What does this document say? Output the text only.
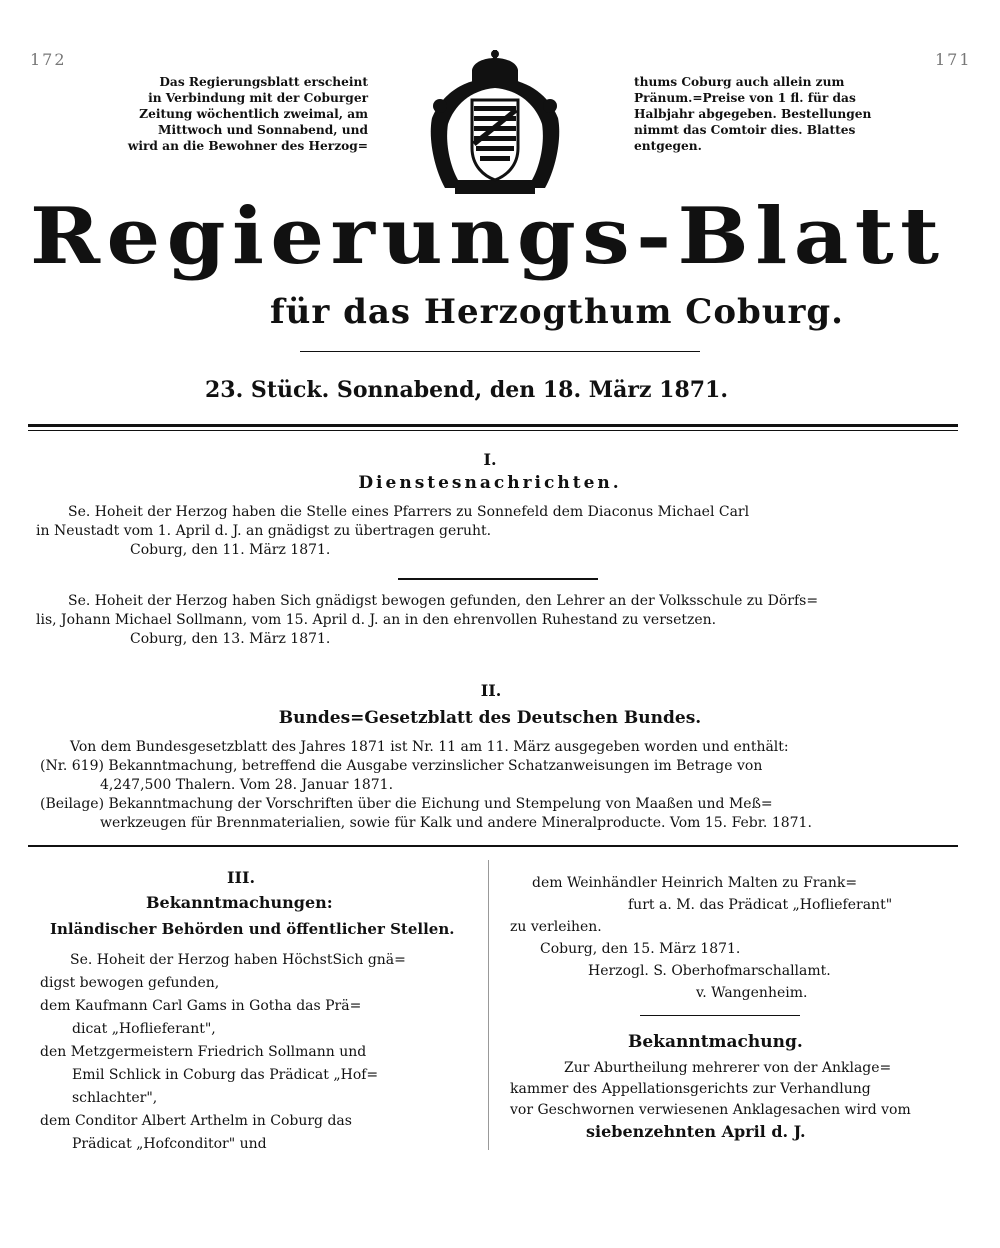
172	171
Das Regierungsblatt erscheint
in Verbindung mit der Coburger
Zeitung wöchentlich zweimal, am
Mittwoch und Sonnabend, und
wird an die Bewohner des Herzog=
thums Coburg auch allein zum
Pränum.=Preise von 1 fl. für das
Halbjahr abgegeben. Bestellungen
nimmt das Comtoir dies. Blattes
entgegen.
Regierungs-Blatt
für das Herzogthum Coburg.
23. Stück. Sonnabend, den 18. März 1871.
I.
Dienstesnachrichten.
Se. Hoheit der Herzog haben die Stelle eines Pfarrers zu Sonnefeld dem Diaconus Michael Carl
in Neustadt vom 1. April d. J. an gnädigst zu übertragen geruht.
Coburg, den 11. März 1871.
Se. Hoheit der Herzog haben Sich gnädigst bewogen gefunden, den Lehrer an der Volksschule zu Dörfs=
lis, Johann Michael Sollmann, vom 15. April d. J. an in den ehrenvollen Ruhestand zu versetzen.
Coburg, den 13. März 1871.
II.
Bundes=Gesetzblatt des Deutschen Bundes.
Von dem Bundesgesetzblatt des Jahres 1871 ist Nr. 11 am 11. März ausgegeben worden und enthält:
(Nr. 619) Bekanntmachung, betreffend die Ausgabe verzinslicher Schatzanweisungen im Betrage von
4,247,500 Thalern. Vom 28. Januar 1871.
(Beilage) Bekanntmachung der Vorschriften über die Eichung und Stempelung von Maaßen und Meß=
werkzeugen für Brennmaterialien, sowie für Kalk und andere Mineralproducte. Vom 15. Febr. 1871.
III.
Bekanntmachungen:
Inländischer Behörden und öffentlicher Stellen.
Se. Hoheit der Herzog haben HöchstSich gnä=
digst bewogen gefunden,
dem Kaufmann Carl Gams in Gotha das Prä=
dicat „Hoflieferant",
den Metzgermeistern Friedrich Sollmann und
Emil Schlick in Coburg das Prädicat „Hof=
schlachter",
dem Conditor Albert Arthelm in Coburg das
Prädicat „Hofconditor" und
dem Weinhändler Heinrich Malten zu Frank=
furt a. M. das Prädicat „Hoflieferant"
zu verleihen.
Coburg, den 15. März 1871.
Herzogl. S. Oberhofmarschallamt.
v. Wangenheim.
Bekanntmachung.
Zur Aburtheilung mehrerer von der Anklage=
kammer des Appellationsgerichts zur Verhandlung
vor Geschwornen verwiesenen Anklagesachen wird vom
siebenzehnten April d. J.
